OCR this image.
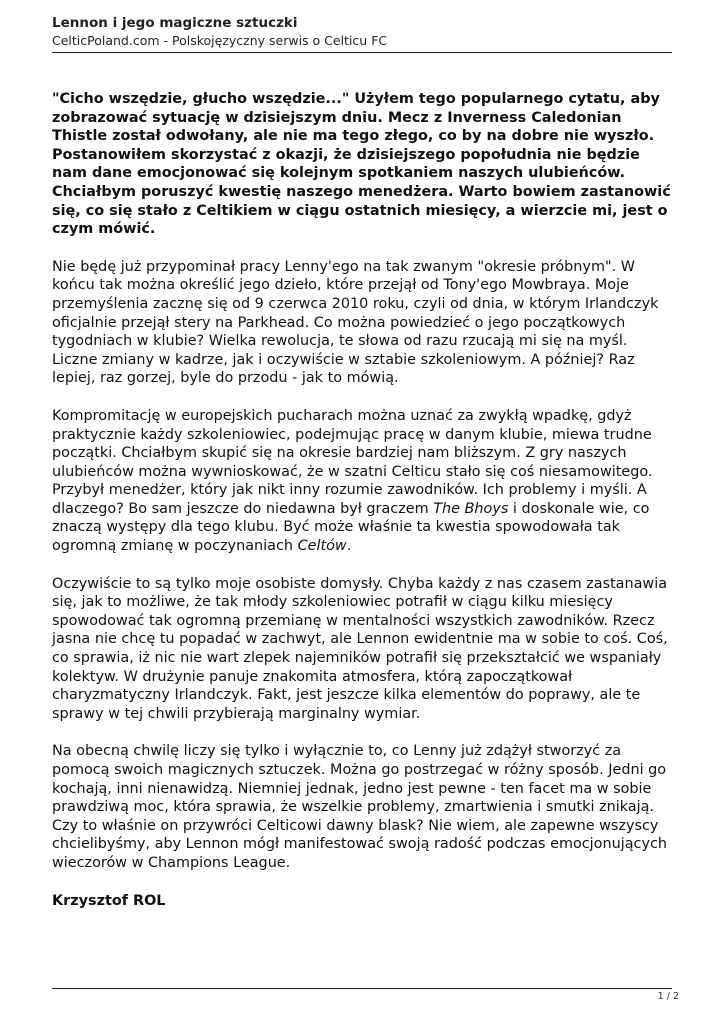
Lennon i jego magiczne sztuczki
CelticPoland.com - Polskojęzyczny serwis o Celticu FC

"Cicho wszędzie, głucho wszędzie..." Użyłem tego popularnego cytatu, aby zobrazować sytuację w dzisiejszym dniu. Mecz z Inverness Caledonian Thistle został odwołany, ale nie ma tego złego, co by na dobre nie wyszło. Postanowiłem skorzystać z okazji, że dzisiejszego popołudnia nie będzie nam dane emocjonować się kolejnym spotkaniem naszych ulubieńców. Chciałbym poruszyć kwestię naszego menedżera. Warto bowiem zastanowić się, co się stało z Celtikiem w ciągu ostatnich miesięcy, a wierzcie mi, jest o czym mówić.

Nie będę już przypominał pracy Lenny'ego na tak zwanym "okresie próbnym". W końcu tak można określić jego dzieło, które przejął od Tony'ego Mowbraya. Moje przemyślenia zacznę się od 9 czerwca 2010 roku, czyli od dnia, w którym Irlandczyk oficjalnie przejął stery na Parkhead. Co można powiedzieć o jego początkowych tygodniach w klubie? Wielka rewolucja, te słowa od razu rzucają mi się na myśl. Liczne zmiany w kadrze, jak i oczywiście w sztabie szkoleniowym. A później? Raz lepiej, raz gorzej, byle do przodu - jak to mówią.

Kompromitację w europejskich pucharach można uznać za zwykłą wpadkę, gdyż praktycznie każdy szkoleniowiec, podejmując pracę w danym klubie, miewa trudne początki. Chciałbym skupić się na okresie bardziej nam bliższym. Z gry naszych ulubieńców można wywnioskować, że w szatni Celticu stało się coś niesamowitego. Przybył menedżer, który jak nikt inny rozumie zawodników. Ich problemy i myśli. A dlaczego? Bo sam jeszcze do niedawna był graczem The Bhoys i doskonale wie, co znaczą występy dla tego klubu. Być może właśnie ta kwestia spowodowała tak ogromną zmianę w poczynaniach Celtów.

Oczywiście to są tylko moje osobiste domysły. Chyba każdy z nas czasem zastanawia się, jak to możliwe, że tak młody szkoleniowiec potrafił w ciągu kilku miesięcy spowodować tak ogromną przemianę w mentalności wszystkich zawodników. Rzecz jasna nie chcę tu popadać w zachwyt, ale Lennon ewidentnie ma w sobie to coś. Coś, co sprawia, iż nic nie wart zlepek najemników potrafił się przekształcić we wspaniały kolektyw. W drużynie panuje znakomita atmosfera, którą zapoczątkował charyzmatyczny Irlandczyk. Fakt, jest jeszcze kilka elementów do poprawy, ale te sprawy w tej chwili przybierają marginalny wymiar.

Na obecną chwilę liczy się tylko i wyłącznie to, co Lenny już zdążył stworzyć za pomocą swoich magicznych sztuczek. Można go postrzegać w różny sposób. Jedni go kochają, inni nienawidzą. Niemniej jednak, jedno jest pewne - ten facet ma w sobie prawdziwą moc, która sprawia, że wszelkie problemy, zmartwienia i smutki znikają. Czy to właśnie on przywróci Celticowi dawny blask? Nie wiem, ale zapewne wszyscy chcielibyśmy, aby Lennon mógł manifestować swoją radość podczas emocjonujących wieczorów w Champions League.

Krzysztof ROL

1 / 2
